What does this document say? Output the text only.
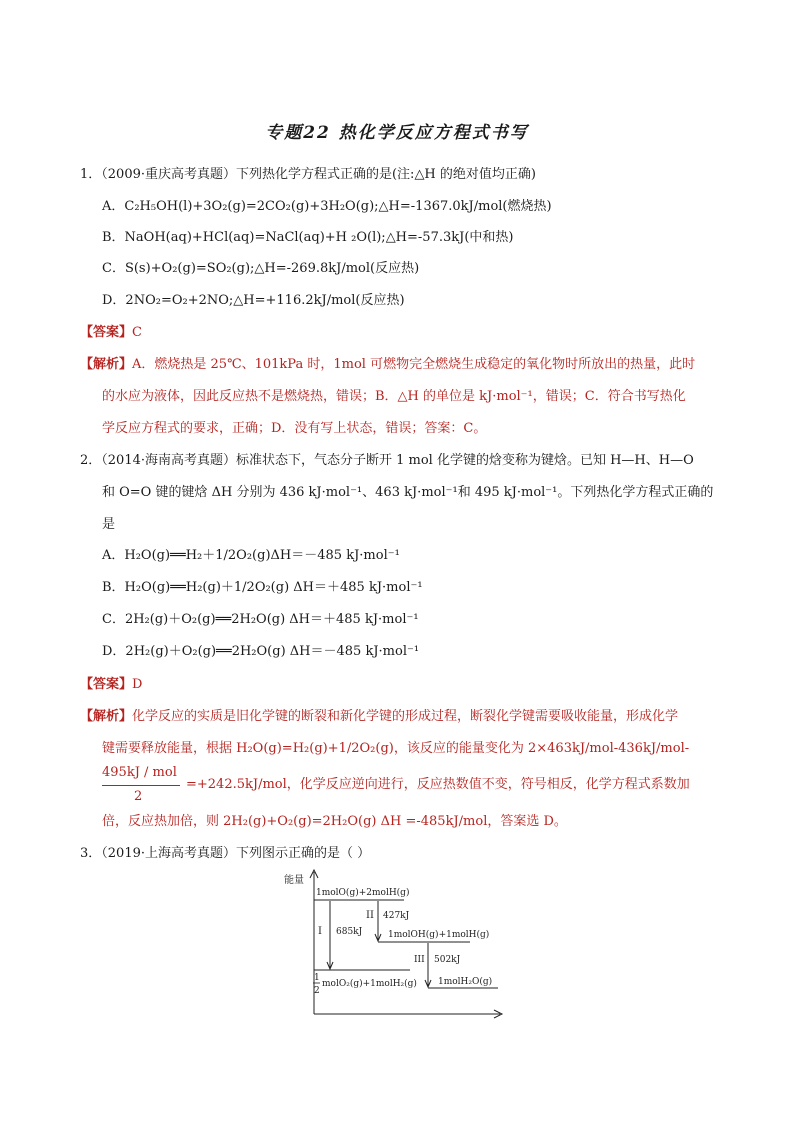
专题22 热化学反应方程式书写
1．（2009·重庆高考真题）下列热化学方程式正确的是(注:△H 的绝对值均正确)
A．C₂H₅OH(l)+3O₂(g)=2CO₂(g)+3H₂O(g);△H=-1367.0kJ/mol(燃烧热)
B．NaOH(aq)+HCl(aq)=NaCl(aq)+H ₂O(l);△H=-57.3kJ(中和热)
C．S(s)+O₂(g)=SO₂(g);△H=-269.8kJ/mol(反应热)
D．2NO₂=O₂+2NO;△H=+116.2kJ/mol(反应热)
【答案】C
【解析】A．燃烧热是 25℃、101kPa 时，1mol 可燃物完全燃烧生成稳定的氧化物时所放出的热量，此时
的水应为液体，因此反应热不是燃烧热，错误；B．△H 的单位是 kJ·mol⁻¹，错误；C．符合书写热化
学反应方程式的要求，正确；D．没有写上状态，错误；答案：C。
2．（2014·海南高考真题）标准状态下，气态分子断开 1 mol 化学键的焓变称为键焓。已知 H—H、H—O
和 O=O 键的键焓 ΔH 分别为 436 kJ·mol⁻¹、463 kJ·mol⁻¹和 495 kJ·mol⁻¹。下列热化学方程式正确的
是
A．H₂O(g)══H₂＋1/2O₂(g)ΔH＝－485 kJ·mol⁻¹
B．H₂O(g)══H₂(g)＋1/2O₂(g) ΔH＝＋485 kJ·mol⁻¹
C．2H₂(g)＋O₂(g)══2H₂O(g) ΔH＝＋485 kJ·mol⁻¹
D．2H₂(g)＋O₂(g)══2H₂O(g) ΔH＝－485 kJ·mol⁻¹
【答案】D
【解析】化学反应的实质是旧化学键的断裂和新化学键的形成过程，断裂化学键需要吸收能量，形成化学
键需要释放能量，根据 H₂O(g)=H₂(g)+1/2O₂(g)，该反应的能量变化为 2×463kJ/mol-436kJ/mol-
495kJ / mol
2
=+242.5kJ/mol，化学反应逆向进行，反应热数值不变，符号相反，化学方程式系数加
倍，反应热加倍，则 2H₂(g)+O₂(g)=2H₂O(g) ΔH =-485kJ/mol，答案选 D。
3．（2019·上海高考真题）下列图示正确的是（ ）
能量
1molO(g)+2molH(g)
1molOH(g)+1molH(g)
1
2
molO₂(g)+1molH₂(g) 1molH₂O(g)
I 685kJ
II 427kJ
III 502kJ
